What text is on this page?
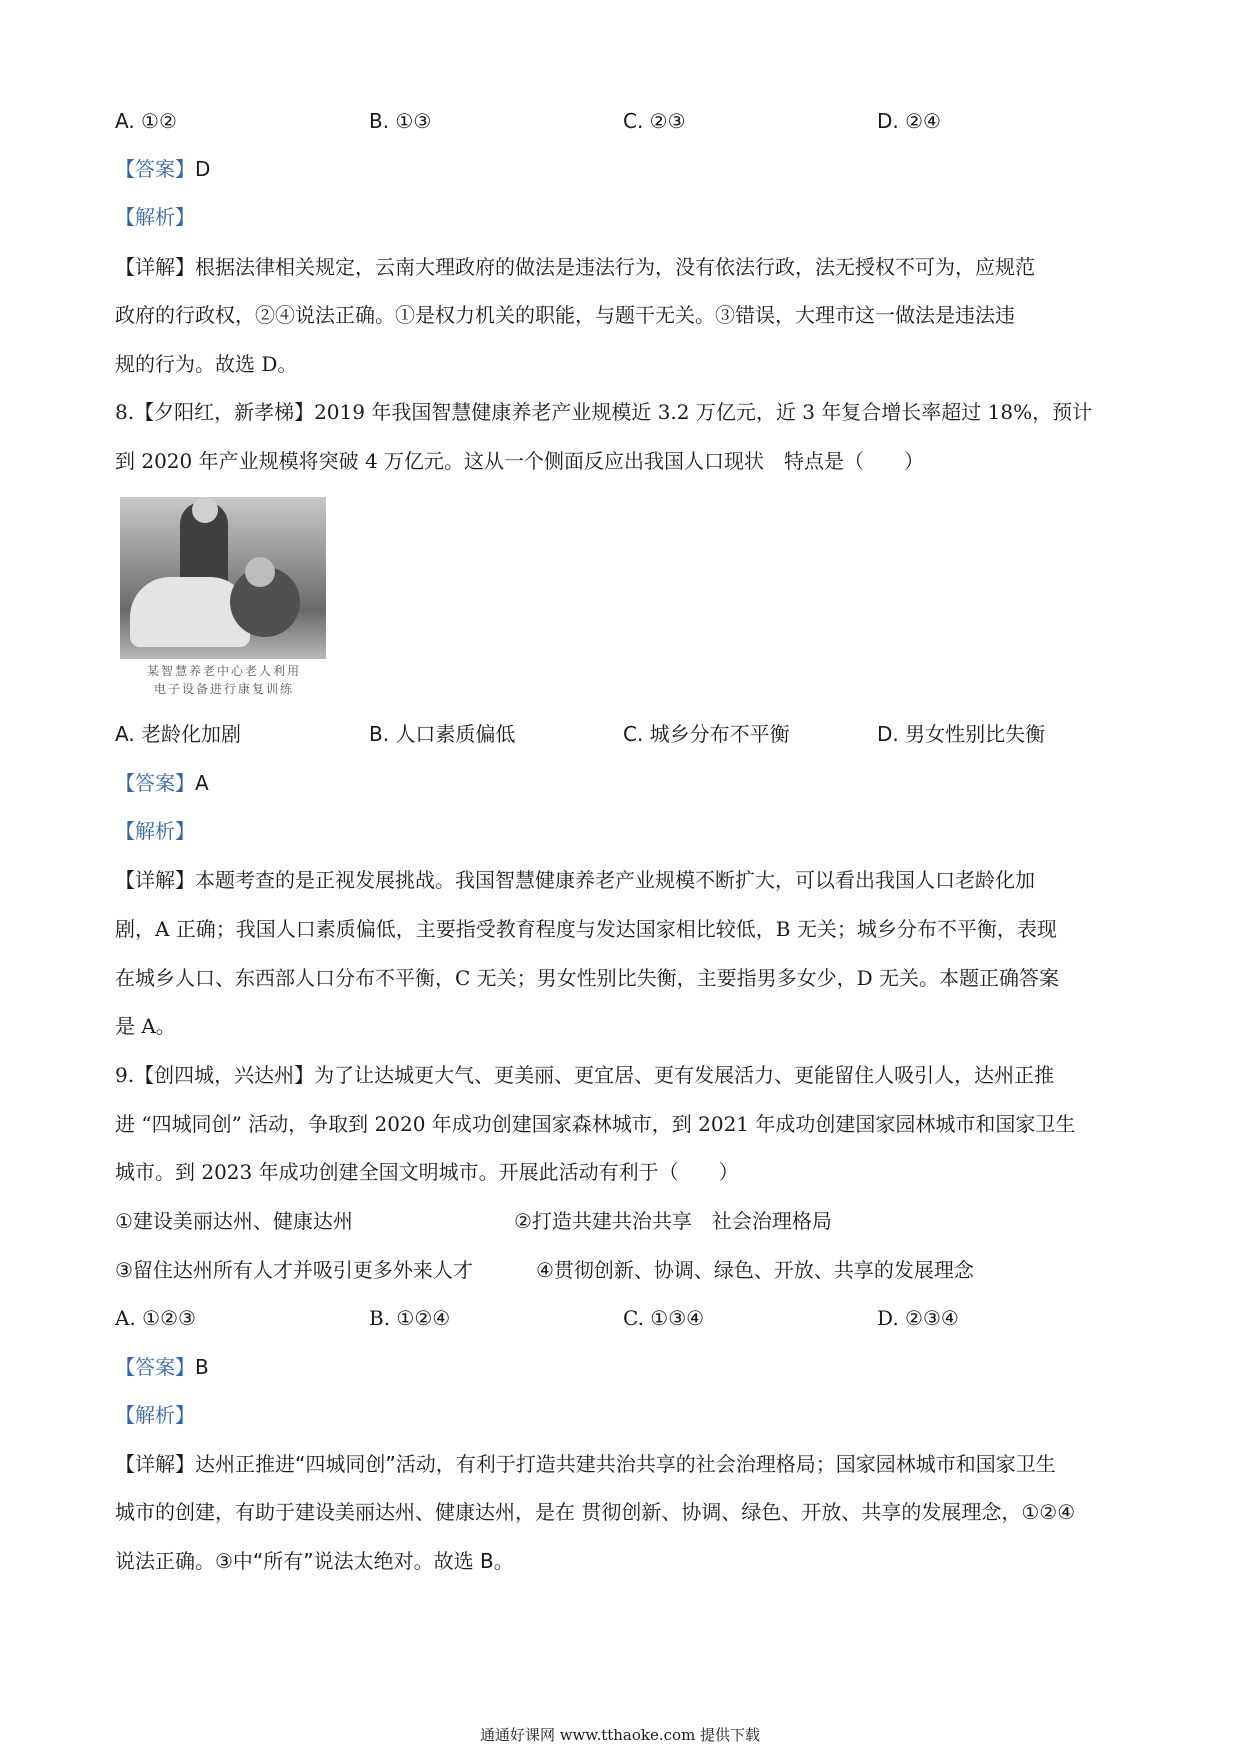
A. ①②	B. ①③	C. ②③	D. ②④
【答案】D
【解析】
【详解】根据法律相关规定，云南大理政府的做法是违法行为，没有依法行政，法无授权不可为，应规范
政府的行政权，②④说法正确。①是权力机关的职能，与题干无关。③错误，大理市这一做法是违法违
规的行为。故选 D。
8.【夕阳红，新孝梯】2019 年我国智慧健康养老产业规模近 3.2 万亿元，近 3 年复合增长率超过 18%，预计
到 2020 年产业规模将突破 4 万亿元。这从一个侧面反应出我国人口现状　特点是（　　）
某智慧养老中心老人利用
电子设备进行康复训练
A. 老龄化加剧	B. 人口素质偏低	C. 城乡分布不平衡	D. 男女性别比失衡
【答案】A
【解析】
【详解】本题考查的是正视发展挑战。我国智慧健康养老产业规模不断扩大，可以看出我国人口老龄化加
剧，A 正确；我国人口素质偏低，主要指受教育程度与发达国家相比较低，B 无关；城乡分布不平衡，表现
在城乡人口、东西部人口分布不平衡，C 无关；男女性别比失衡，主要指男多女少，D 无关。本题正确答案
是 A。
9.【创四城，兴达州】为了让达城更大气、更美丽、更宜居、更有发展活力、更能留住人吸引人，达州正推
进 “四城同创” 活动，争取到 2020 年成功创建国家森林城市，到 2021 年成功创建国家园林城市和国家卫生
城市。到 2023 年成功创建全国文明城市。开展此活动有利于（　　）
①建设美丽达州、健康达州	②打造共建共治共享　社会治理格局
③留住达州所有人才并吸引更多外来人才	④贯彻创新、协调、绿色、开放、共享的发展理念
A. ①②③	B. ①②④	C. ①③④	D. ②③④
【答案】B
【解析】
【详解】达州正推进“四城同创”活动，有利于打造共建共治共享的社会治理格局；国家园林城市和国家卫生
城市的创建，有助于建设美丽达州、健康达州，是在 贯彻创新、协调、绿色、开放、共享的发展理念，①②④
说法正确。③中“所有”说法太绝对。故选 B。
通通好课网 www.tthaoke.com 提供下载
